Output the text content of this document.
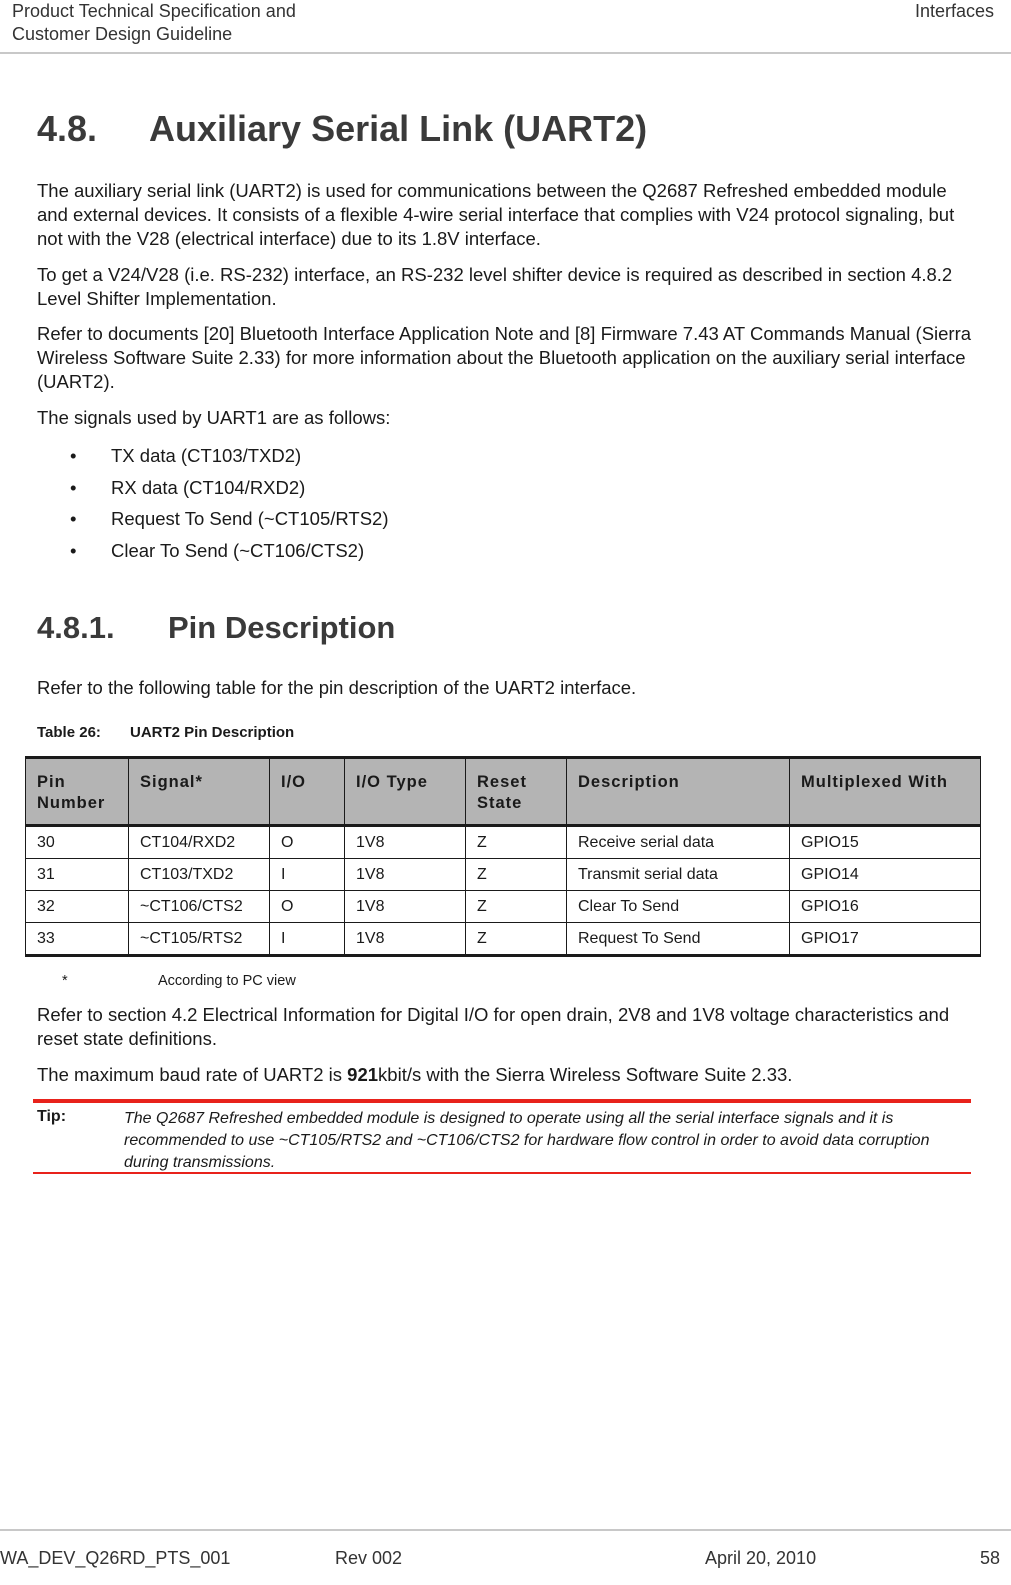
Product Technical Specification and
Customer Design Guideline
Interfaces
4.8. Auxiliary Serial Link (UART2)

The auxiliary serial link (UART2) is used for communications between the Q2687 Refreshed embedded module and external devices. It consists of a flexible 4-wire serial interface that complies with V24 protocol signaling, but not with the V28 (electrical interface) due to its 1.8V interface.

To get a V24/V28 (i.e. RS-232) interface, an RS-232 level shifter device is required as described in section 4.8.2 Level Shifter Implementation.

Refer to documents [20] Bluetooth Interface Application Note and [8] Firmware 7.43 AT Commands Manual (Sierra Wireless Software Suite 2.33) for more information about the Bluetooth application on the auxiliary serial interface (UART2).

The signals used by UART1 are as follows:

• TX data (CT103/TXD2)
• RX data (CT104/RXD2)
• Request To Send (~CT105/RTS2)
• Clear To Send (~CT106/CTS2)
4.8.1. Pin Description

Refer to the following table for the pin description of the UART2 interface.

Table 26: UART2 Pin Description
Pin Number	Signal*	I/O	I/O Type	Reset State	Description	Multiplexed With
30	CT104/RXD2	O	1V8	Z	Receive serial data	GPIO15
31	CT103/TXD2	I	1V8	Z	Transmit serial data	GPIO14
32	~CT106/CTS2	O	1V8	Z	Clear To Send	GPIO16
33	~CT105/RTS2	I	1V8	Z	Request To Send	GPIO17
*	According to PC view

Refer to section 4.2 Electrical Information for Digital I/O for open drain, 2V8 and 1V8 voltage characteristics and reset state definitions.

The maximum baud rate of UART2 is 921kbit/s with the Sierra Wireless Software Suite 2.33.

Tip:	The Q2687 Refreshed embedded module is designed to operate using all the serial interface signals and it is recommended to use ~CT105/RTS2 and ~CT106/CTS2 for hardware flow control in order to avoid data corruption during transmissions.
WA_DEV_Q26RD_PTS_001	Rev 002	April 20, 2010	58
